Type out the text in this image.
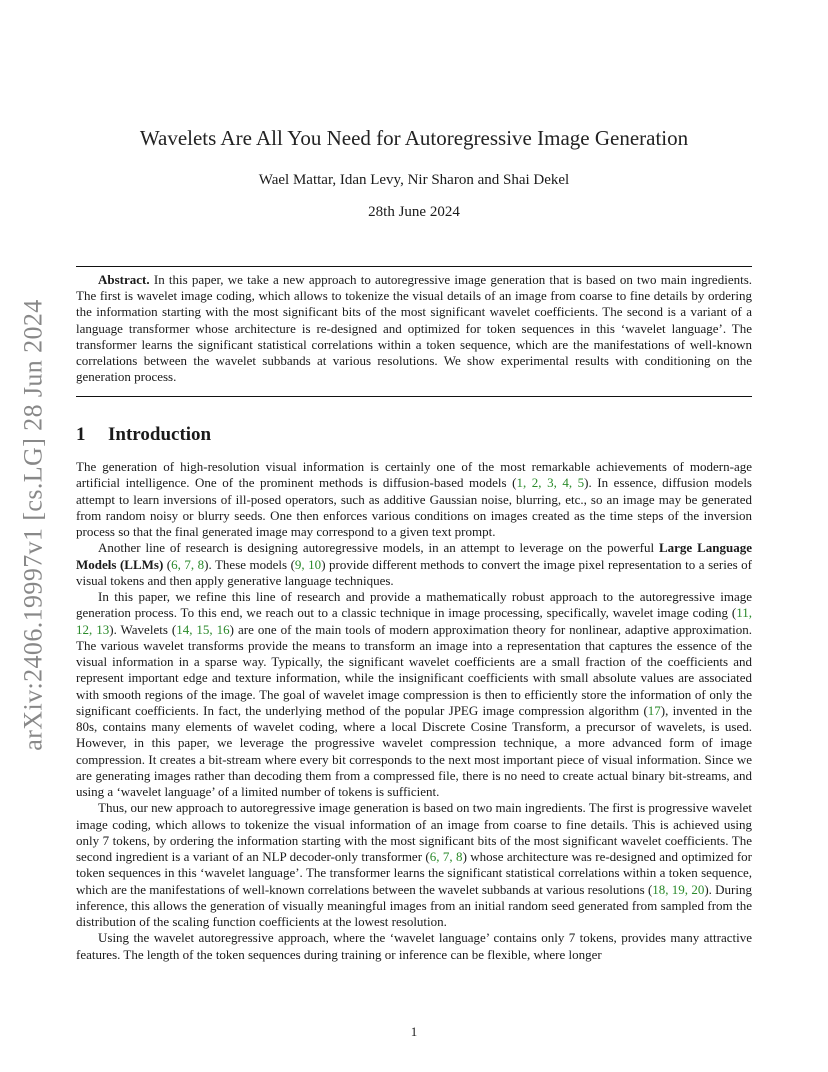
arXiv:2406.19997v1 [cs.LG] 28 Jun 2024
Wavelets Are All You Need for Autoregressive Image Generation
Wael Mattar, Idan Levy, Nir Sharon and Shai Dekel
28th June 2024
Abstract. In this paper, we take a new approach to autoregressive image generation that is based on two main ingredients. The first is wavelet image coding, which allows to tokenize the visual details of an image from coarse to fine details by ordering the information starting with the most significant bits of the most significant wavelet coefficients. The second is a variant of a language transformer whose architecture is re-designed and optimized for token sequences in this ‘wavelet language’. The transformer learns the significant statistical correlations within a token sequence, which are the manifestations of well-known correlations between the wavelet subbands at various resolutions. We show experimental results with conditioning on the generation process.
1 Introduction

The generation of high-resolution visual information is certainly one of the most remarkable achievements of modern-age artificial intelligence. One of the prominent methods is diffusion-based models (1, 2, 3, 4, 5). In essence, diffusion models attempt to learn inversions of ill-posed operators, such as additive Gaussian noise, blurring, etc., so an image may be generated from random noisy or blurry seeds. One then enforces various conditions on images created as the time steps of the inversion process so that the final generated image may correspond to a given text prompt.

Another line of research is designing autoregressive models, in an attempt to leverage on the powerful Large Language Models (LLMs) (6, 7, 8). These models (9, 10) provide different methods to convert the image pixel representation to a series of visual tokens and then apply generative language techniques.

In this paper, we refine this line of research and provide a mathematically robust approach to the autoregressive image generation process. To this end, we reach out to a classic technique in image processing, specifically, wavelet image coding (11, 12, 13). Wavelets (14, 15, 16) are one of the main tools of modern approximation theory for nonlinear, adaptive approximation. The various wavelet transforms provide the means to transform an image into a representation that captures the essence of the visual information in a sparse way. Typically, the significant wavelet coefficients are a small fraction of the coefficients and represent important edge and texture information, while the insignificant coefficients with small absolute values are associated with smooth regions of the image. The goal of wavelet image compression is then to efficiently store the information of only the significant coefficients. In fact, the underlying method of the popular JPEG image compression algorithm (17), invented in the 80s, contains many elements of wavelet coding, where a local Discrete Cosine Transform, a precursor of wavelets, is used. However, in this paper, we leverage the progressive wavelet compression technique, a more advanced form of image compression. It creates a bit-stream where every bit corresponds to the next most important piece of visual information. Since we are generating images rather than decoding them from a compressed file, there is no need to create actual binary bit-streams, and using a ‘wavelet language’ of a limited number of tokens is sufficient.

Thus, our new approach to autoregressive image generation is based on two main ingredients. The first is progressive wavelet image coding, which allows to tokenize the visual information of an image from coarse to fine details. This is achieved using only 7 tokens, by ordering the information starting with the most significant bits of the most significant wavelet coefficients. The second ingredient is a variant of an NLP decoder-only transformer (6, 7, 8) whose architecture was re-designed and optimized for token sequences in this ‘wavelet language’. The transformer learns the significant statistical correlations within a token sequence, which are the manifestations of well-known correlations between the wavelet subbands at various resolutions (18, 19, 20). During inference, this allows the generation of visually meaningful images from an initial random seed generated from sampled from the distribution of the scaling function coefficients at the lowest resolution.

Using the wavelet autoregressive approach, where the ‘wavelet language’ contains only 7 tokens, provides many attractive features. The length of the token sequences during training or inference can be flexible, where longer

1
